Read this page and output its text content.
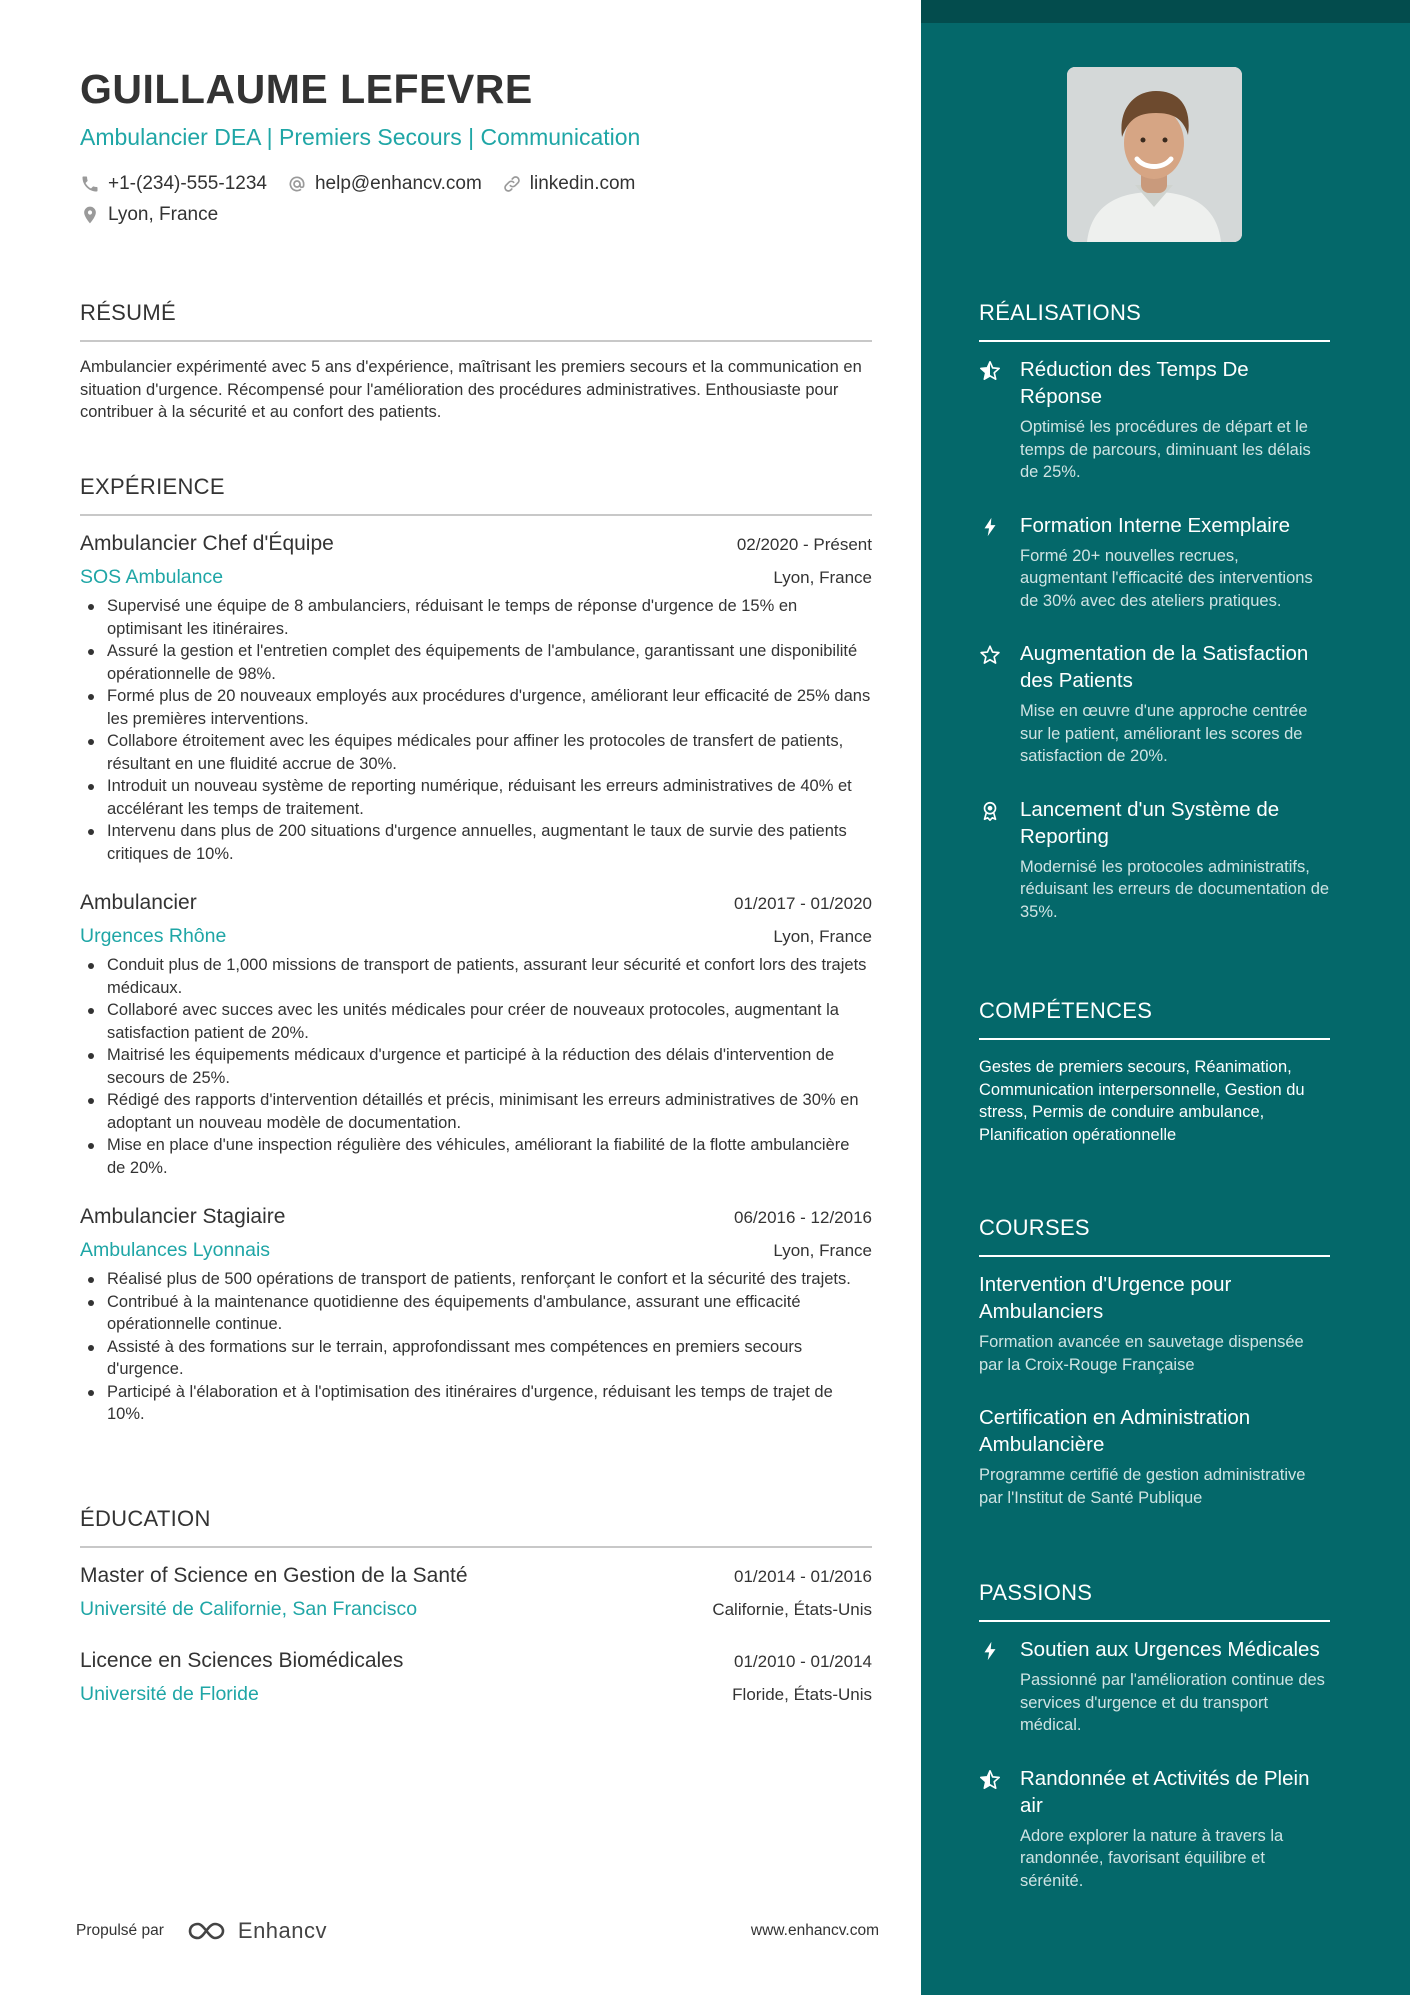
GUILLAUME LEFEVRE
Ambulancier DEA | Premiers Secours | Communication
+1-(234)-555-1234	help@enhancv.com	linkedin.com
Lyon, France
RÉSUMÉ

Ambulancier expérimenté avec 5 ans d'expérience, maîtrisant les premiers secours et la communication en situation d'urgence. Récompensé pour l'amélioration des procédures administratives. Enthousiaste pour contribuer à la sécurité et au confort des patients.

EXPÉRIENCE
Ambulancier Chef d'Équipe	02/2020 - Présent
SOS Ambulance	Lyon, France
Supervisé une équipe de 8 ambulanciers, réduisant le temps de réponse d'urgence de 15% en optimisant les itinéraires.
Assuré la gestion et l'entretien complet des équipements de l'ambulance, garantissant une disponibilité opérationnelle de 98%.
Formé plus de 20 nouveaux employés aux procédures d'urgence, améliorant leur efficacité de 25% dans les premières interventions.
Collabore étroitement avec les équipes médicales pour affiner les protocoles de transfert de patients, résultant en une fluidité accrue de 30%.
Introduit un nouveau système de reporting numérique, réduisant les erreurs administratives de 40% et accélérant les temps de traitement.
Intervenu dans plus de 200 situations d'urgence annuelles, augmentant le taux de survie des patients critiques de 10%.
Ambulancier	01/2017 - 01/2020
Urgences Rhône	Lyon, France
Conduit plus de 1,000 missions de transport de patients, assurant leur sécurité et confort lors des trajets médicaux.
Collaboré avec succes avec les unités médicales pour créer de nouveaux protocoles, augmentant la satisfaction patient de 20%.
Maitrisé les équipements médicaux d'urgence et participé à la réduction des délais d'intervention de secours de 25%.
Rédigé des rapports d'intervention détaillés et précis, minimisant les erreurs administratives de 30% en adoptant un nouveau modèle de documentation.
Mise en place d'une inspection régulière des véhicules, améliorant la fiabilité de la flotte ambulancière de 20%.
Ambulancier Stagiaire	06/2016 - 12/2016
Ambulances Lyonnais	Lyon, France
Réalisé plus de 500 opérations de transport de patients, renforçant le confort et la sécurité des trajets.
Contribué à la maintenance quotidienne des équipements d'ambulance, assurant une efficacité opérationnelle continue.
Assisté à des formations sur le terrain, approfondissant mes compétences en premiers secours d'urgence.
Participé à l'élaboration et à l'optimisation des itinéraires d'urgence, réduisant les temps de trajet de 10%.
ÉDUCATION
Master of Science en Gestion de la Santé	01/2014 - 01/2016
Université de Californie, San Francisco	Californie, États-Unis
Licence en Sciences Biomédicales	01/2010 - 01/2014
Université de Floride	Floride, États-Unis
Propulsé par	Enhancv	www.enhancv.com
RÉALISATIONS
Réduction des Temps De Réponse
Optimisé les procédures de départ et le temps de parcours, diminuant les délais de 25%.
Formation Interne Exemplaire
Formé 20+ nouvelles recrues, augmentant l'efficacité des interventions de 30% avec des ateliers pratiques.
Augmentation de la Satisfaction des Patients
Mise en œuvre d'une approche centrée sur le patient, améliorant les scores de satisfaction de 20%.
Lancement d'un Système de Reporting
Modernisé les protocoles administratifs, réduisant les erreurs de documentation de 35%.
COMPÉTENCES
Gestes de premiers secours, Réanimation, Communication interpersonnelle, Gestion du stress, Permis de conduire ambulance, Planification opérationnelle
COURSES
Intervention d'Urgence pour Ambulanciers
Formation avancée en sauvetage dispensée par la Croix-Rouge Française
Certification en Administration Ambulancière
Programme certifié de gestion administrative par l'Institut de Santé Publique
PASSIONS
Soutien aux Urgences Médicales
Passionné par l'amélioration continue des services d'urgence et du transport médical.
Randonnée et Activités de Plein air
Adore explorer la nature à travers la randonnée, favorisant équilibre et sérénité.
